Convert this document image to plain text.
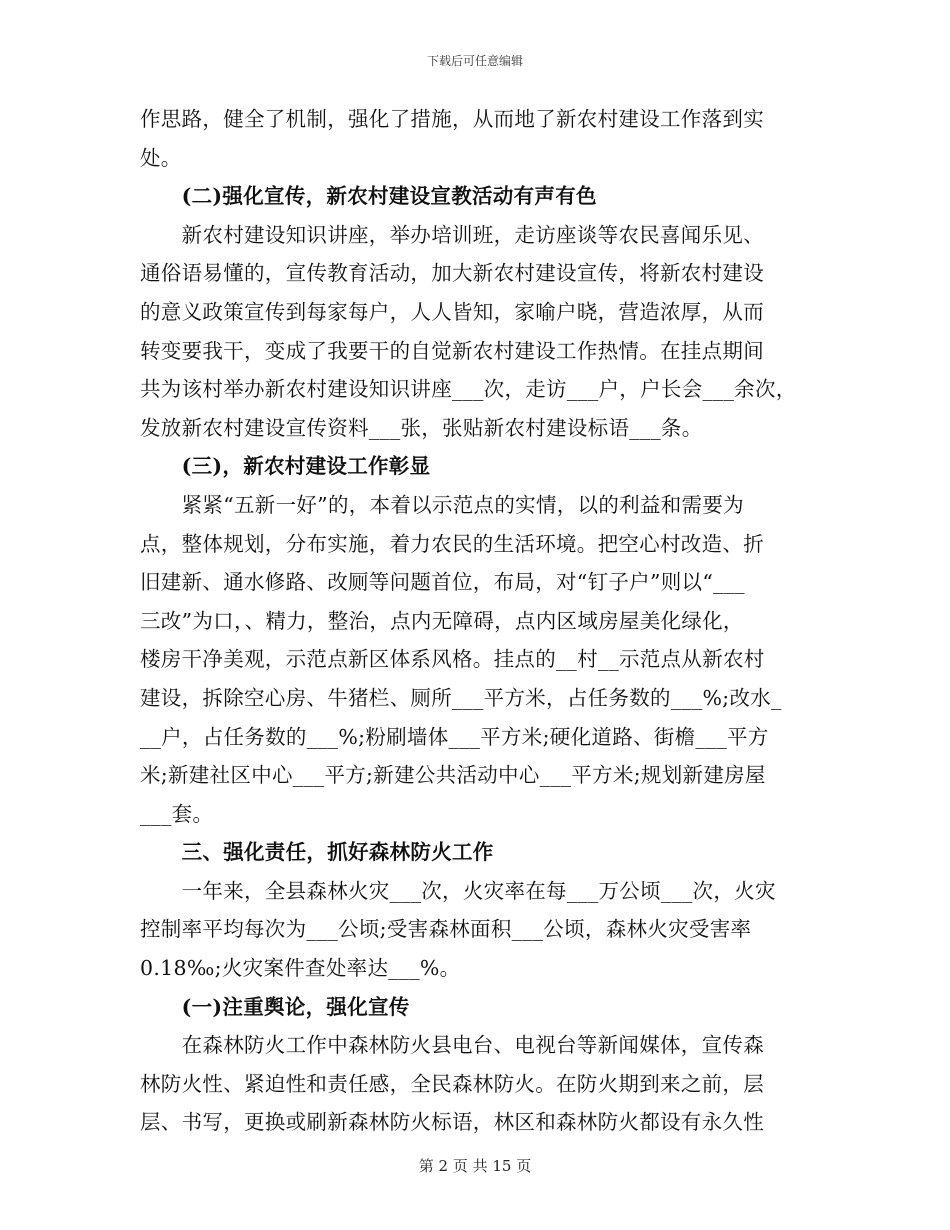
下载后可任意编辑
作思路，健全了机制，强化了措施，从而地了新农村建设工作落到实
处。
　　(二)强化宣传，新农村建设宣教活动有声有色
　　新农村建设知识讲座，举办培训班，走访座谈等农民喜闻乐见、
通俗语易懂的，宣传教育活动，加大新农村建设宣传，将新农村建设
的意义政策宣传到每家每户，人人皆知，家喻户晓，营造浓厚，从而
转变要我干，变成了我要干的自觉新农村建设工作热情。在挂点期间
共为该村举办新农村建设知识讲座___次，走访___户，户长会___余次，
发放新农村建设宣传资料___张，张贴新农村建设标语___条。
　　(三)，新农村建设工作彰显
　　紧紧“五新一好”的，本着以示范点的实情，以的利益和需要为
点，整体规划，分布实施，着力农民的生活环境。把空心村改造、折
旧建新、通水修路、改厕等问题首位，布局，对“钉子户”则以“___
三改”为口，、精力，整治，点内无障碍，点内区域房屋美化绿化，
楼房干净美观，示范点新区体系风格。挂点的__村__示范点从新农村
建设，拆除空心房、牛猪栏、厕所___平方米，占任务数的___%;改水_
__户，占任务数的___%;粉刷墙体___平方米;硬化道路、街檐___平方
米;新建社区中心___平方;新建公共活动中心___平方米;规划新建房屋
___套。
　　三、强化责任，抓好森林防火工作
　　一年来，全县森林火灾___次，火灾率在每___万公顷___次，火灾
控制率平均每次为___公顷;受害森林面积___公顷，森林火灾受害率
0.18‰;火灾案件查处率达___%。
　　(一)注重舆论，强化宣传
　　在森林防火工作中森林防火县电台、电视台等新闻媒体，宣传森
林防火性、紧迫性和责任感，全民森林防火。在防火期到来之前，层
层、书写，更换或刷新森林防火标语，林区和森林防火都设有永久性
第 2 页 共 15 页
